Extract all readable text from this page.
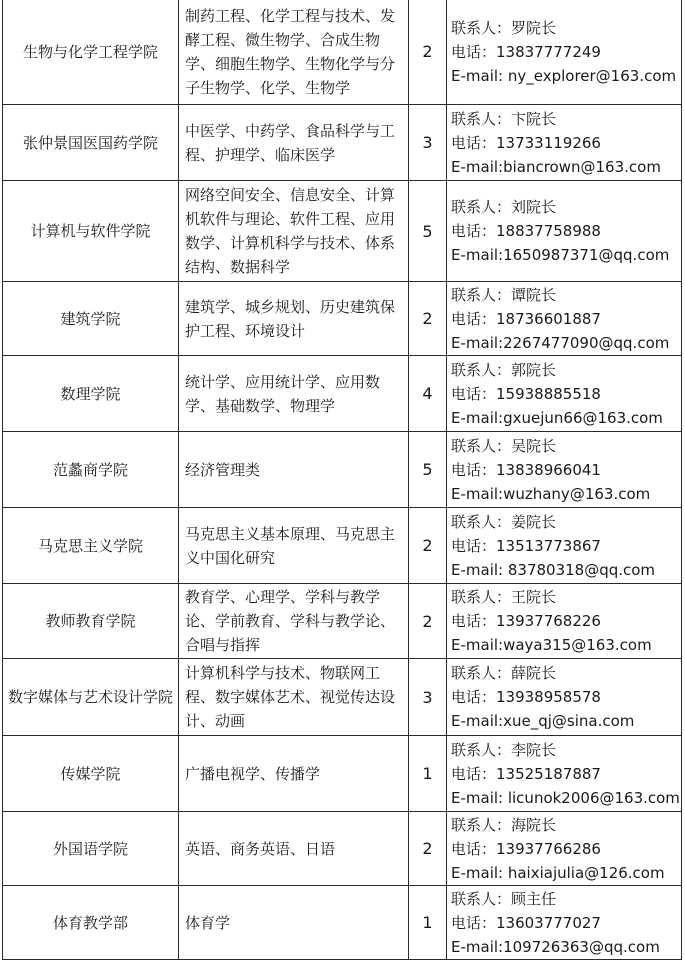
生物与化学工程学院	制药工程、化学工程与技术、发酵工程、微生物学、合成生物学、细胞生物学、生物化学与分子生物学、化学、生物学	2	联系人：罗院长
电话：13837777249
E-mail: ny_explorer@163.com

张仲景国医国药学院	中医学、中药学、食品科学与工程、护理学、临床医学	3	联系人：卞院长
电话：13733119266
E-mail:biancrown@163.com

计算机与软件学院	网络空间安全、信息安全、计算机软件与理论、软件工程、应用数学、计算机科学与技术、体系结构、数据科学	5	联系人：刘院长
电话：18837758988
E-mail:1650987371@qq.com

建筑学院	建筑学、城乡规划、历史建筑保护工程、环境设计	2	联系人：谭院长
电话：18736601887
E-mail:2267477090@qq.com

数理学院	统计学、应用统计学、应用数学、基础数学、物理学	4	联系人：郭院长
电话：15938885518
E-mail:gxuejun66@163.com

范蠡商学院	经济管理类	5	联系人：吴院长
电话：13838966041
E-mail:wuzhany@163.com

马克思主义学院	马克思主义基本原理、马克思主义中国化研究	2	联系人：姜院长
电话：13513773867
E-mail: 83780318@qq.com

教师教育学院	教育学、心理学、学科与教学论、学前教育、学科与教学论、合唱与指挥	2	联系人：王院长
电话：13937768226
E-mail:waya315@163.com

数字媒体与艺术设计学院	计算机科学与技术、物联网工程、数字媒体艺术、视觉传达设计、动画	3	联系人：薛院长
电话：13938958578
E-mail:xue_qj@sina.com

传媒学院	广播电视学、传播学	1	联系人：李院长
电话：13525187887
E-mail: licunok2006@163.com

外国语学院	英语、商务英语、日语	2	联系人：海院长
电话：13937766286
E-mail: haixiajulia@126.com

体育教学部	体育学	1	联系人：顾主任
电话：13603777027
E-mail:109726363@qq.com
